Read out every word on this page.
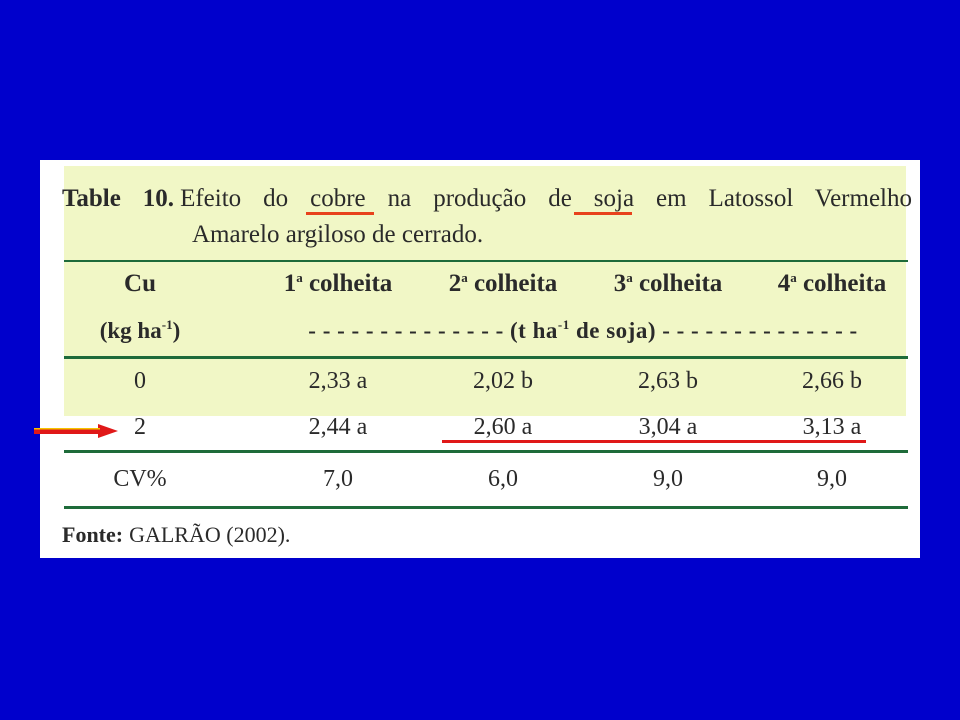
Table 10. Efeito do cobre na produção de soja em Latossol Vermelho
Amarelo argiloso de cerrado.
Cu	1$^a$ colheita	2$^a$ colheita	3$^a$ colheita	4$^a$ colheita
(kg $ha^{-1}$)	- - - - - - - - - - - - - - (t $ha^{-1}$ de soja) - - - - - - - - - - - - - -
0	2,33 a	2,02 b	2,63 b	2,66 b
2	2,44 a	2,60 a	3,04 a	3,13 a
CV%	7,0	6,0	9,0	9,0
Fonte: GALRÃO (2002).
